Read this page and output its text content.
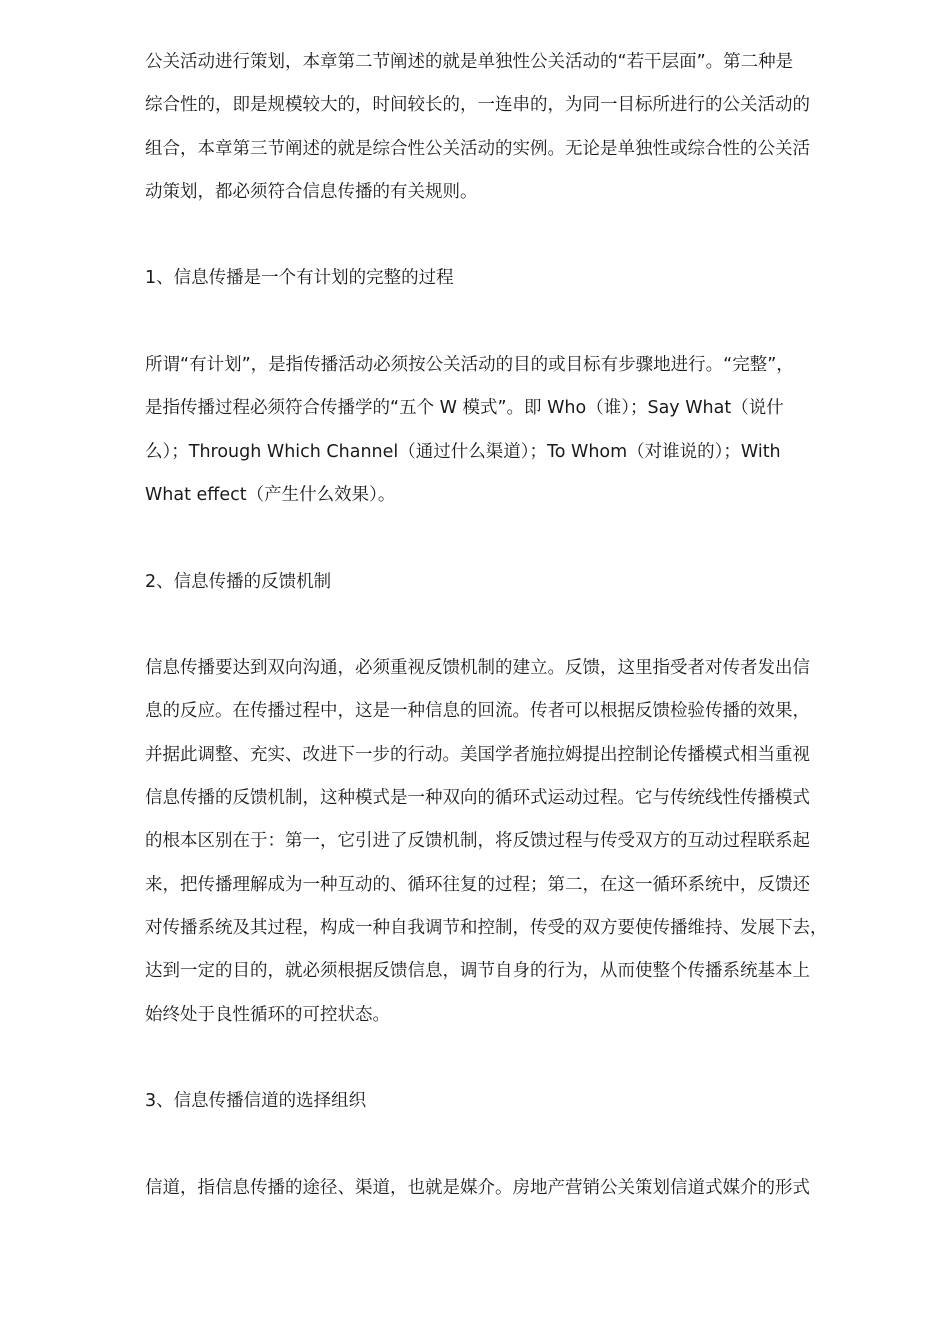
公关活动进行策划，本章第二节阐述的就是单独性公关活动的“若干层面”。第二种是
综合性的，即是规模较大的，时间较长的，一连串的，为同一目标所进行的公关活动的
组合，本章第三节阐述的就是综合性公关活动的实例。无论是单独性或综合性的公关活
动策划，都必须符合信息传播的有关规则。

1、信息传播是一个有计划的完整的过程

所谓“有计划”，是指传播活动必须按公关活动的目的或目标有步骤地进行。“完整”，
是指传播过程必须符合传播学的“五个 W 模式”。即 Who（谁）；Say What（说什
么）；Through Which Channel（通过什么渠道）；To Whom（对谁说的）；With
What effect（产生什么效果）。

2、信息传播的反馈机制

信息传播要达到双向沟通，必须重视反馈机制的建立。反馈，这里指受者对传者发出信
息的反应。在传播过程中，这是一种信息的回流。传者可以根据反馈检验传播的效果，
并据此调整、充实、改进下一步的行动。美国学者施拉姆提出控制论传播模式相当重视
信息传播的反馈机制，这种模式是一种双向的循环式运动过程。它与传统线性传播模式
的根本区别在于：第一，它引进了反馈机制，将反馈过程与传受双方的互动过程联系起
来，把传播理解成为一种互动的、循环往复的过程；第二，在这一循环系统中，反馈还
对传播系统及其过程，构成一种自我调节和控制，传受的双方要使传播维持、发展下去，
达到一定的目的，就必须根据反馈信息，调节自身的行为，从而使整个传播系统基本上
始终处于良性循环的可控状态。

3、信息传播信道的选择组织

信道，指信息传播的途径、渠道，也就是媒介。房地产营销公关策划信道式媒介的形式
